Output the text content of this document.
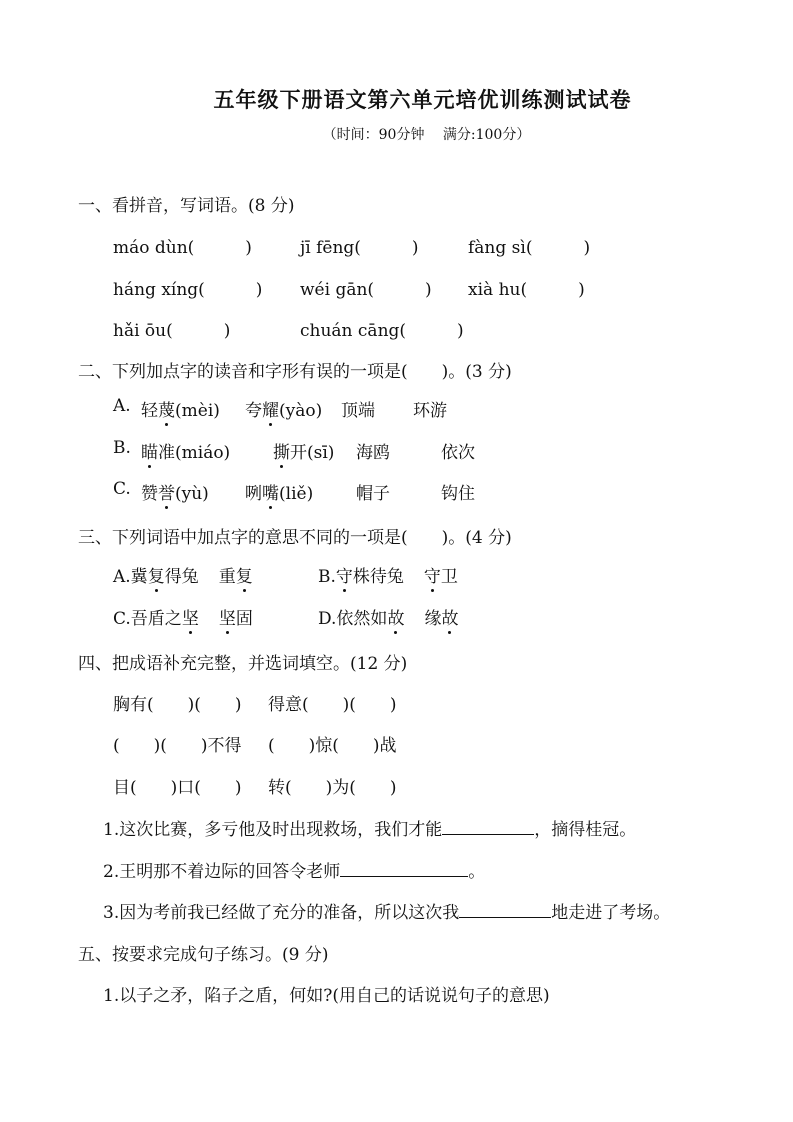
五年级下册语文第六单元培优训练测试试卷
（时间：90分钟　 满分:100分）
一、看拼音，写词语。(8 分)
máo dùn(　　　)	jī fēng(　　　)	fàng sì(　　　)
háng xíng(　　　) wéi gān(　　　) xià hu(　　　)
hǎi ōu(　　　)	chuán cāng(　　　)
二、下列加点字的读音和字形有误的一项是(　　)。(3 分)
A. 轻蔑(mèi) 夸耀(yào) 顶端 环游
B. 瞄准(miáo)	撕开(sī) 海鸥	依次
C. 赞誉(yù) 咧嘴(liě)	帽子	钩住
三、下列词语中加点字的意思不同的一项是(　　)。(4 分)
A.冀复得兔 重复	B.守株待兔 守卫
C.吾盾之坚 坚固	D.依然如故 缘故
四、把成语补充完整，并选词填空。(12 分)
胸有(　　)(　　) 得意(　　)(　　)
(　　)(　　)不得 (　　)惊(　　)战
目(　　)口(　　) 转(　　)为(　　)
1.这次比赛，多亏他及时出现救场，我们才能	，摘得桂冠。
2.王明那不着边际的回答令老师	。
3.因为考前我已经做了充分的准备，所以这次我	地走进了考场。
五、按要求完成句子练习。(9 分)
1.以子之矛，陷子之盾，何如?(用自己的话说说句子的意思)
